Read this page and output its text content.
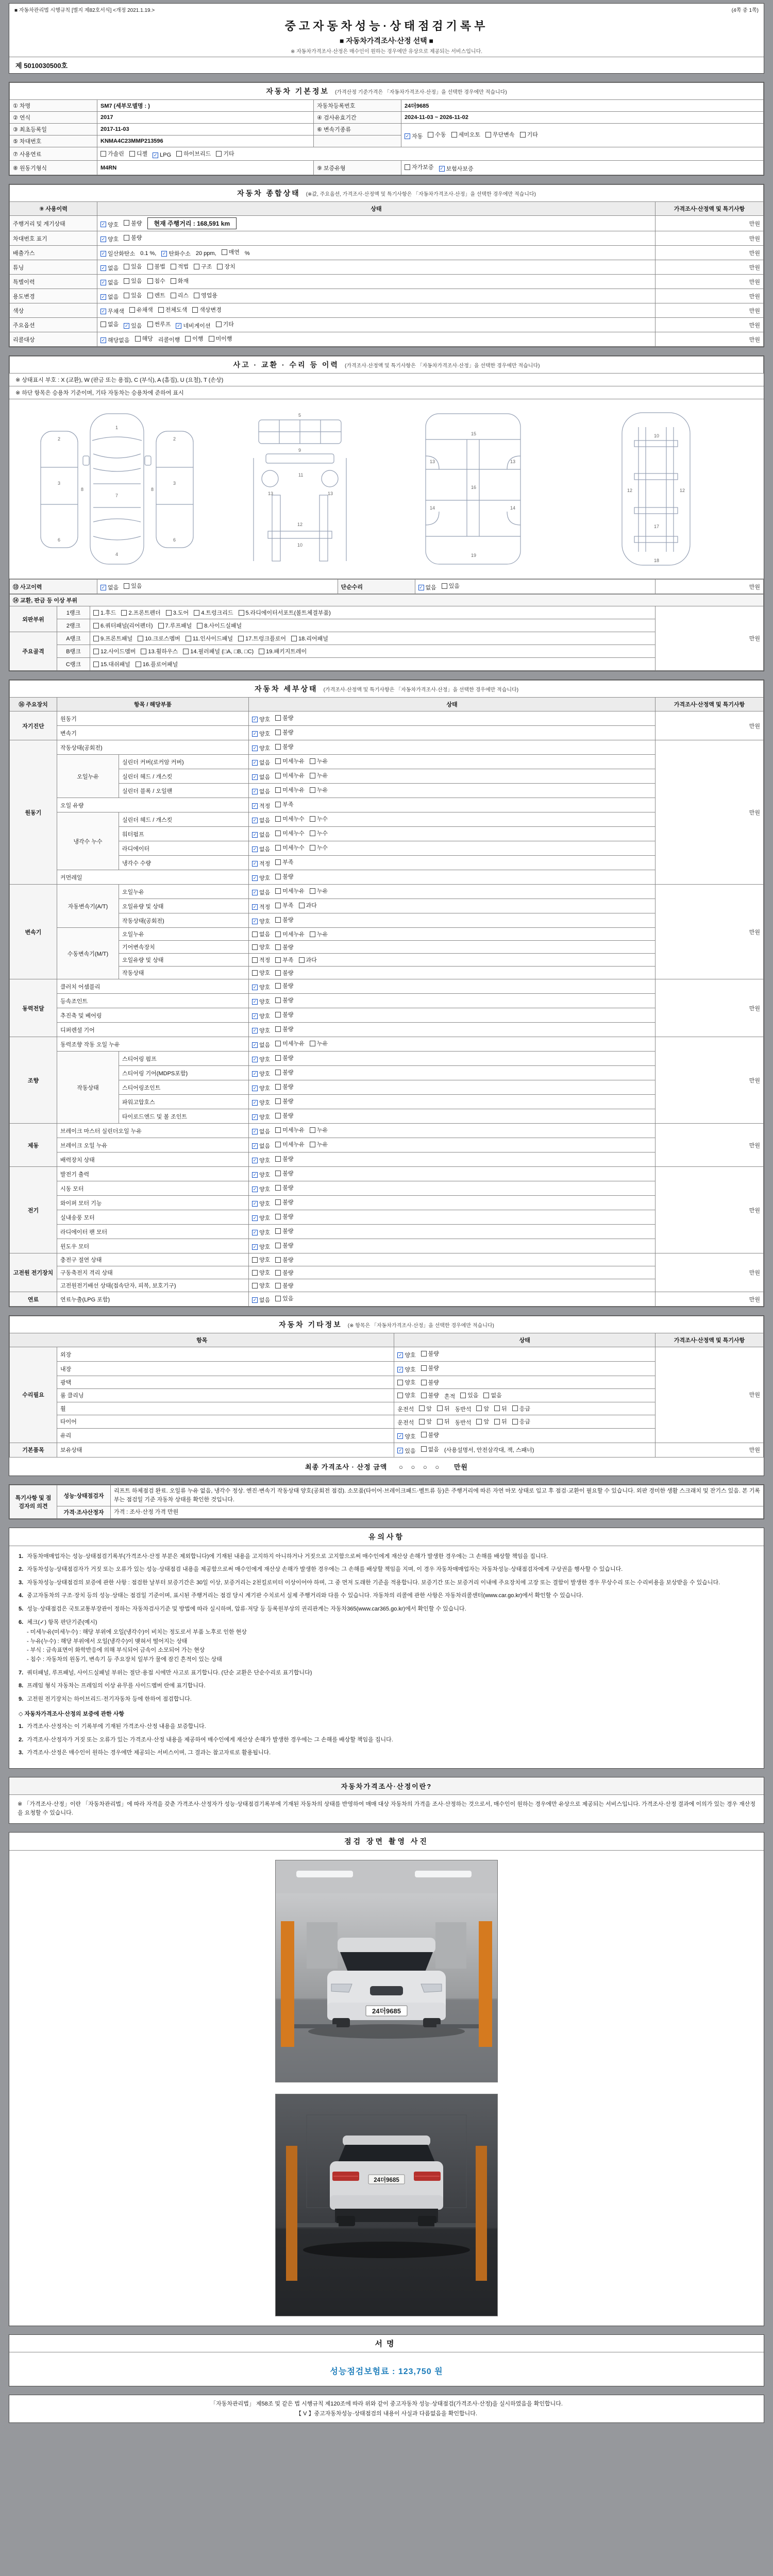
■ 자동차관리법 시행규칙 [별지 제82호서식] <개정 2021.1.19.>	(4쪽 중 1쪽)
중고자동차성능·상태점검기록부
■ 자동차가격조사·산정 선택 ■
※ 자동차가격조사·산정은 매수인이 원하는 경우에만 유상으로 제공되는 서비스입니다.
제 5010030500호
자동차 기본정보 (가격산정 기준가격은 「자동차가격조사·산정」을 선택한 경우에만 적습니다)			
① 차명	SM7 (세부모델명 : )	자동차등록번호	24더9685
② 연식	2017	④ 검사유효기간	2024-11-03 ~ 2026-11-02
③ 최초등록일	2017-11-03	⑥ 변속기종류	
✓ 자동 수동 세미오토 무단변속 기타

⑤ 차대번호	KNMA4C23MMP213596		
⑦ 사용연료	가솔린 디젤 ✓ LPG 하이브리드 기타

⑧ 원동기형식	M4RN	⑨ 보증유형	자가보증 ✓ 보험사보증
자동차 종합상태 (※값, 주요옵션, 가격조사·산정액 및 특기사항은 「자동차가격조사·산정」을 선택한 경우에만 적습니다)		
⑨ 사용이력	상태	가격조사·산정액 및 특기사항
주행거리 및 계기상태	✓ 양호 불량 현재 주행거리 : 168,591 km	만원
차대번호 표기	✓ 양호 불량	만원
배출가스	✓ 일산화탄소 0.1 %, ✓ 탄화수소 20 ppm, 매연 %	만원
튜닝	✓ 없음 있음 불법 적법 구조 장치	만원
특별이력	✓ 없음 있음 침수 화재	만원
용도변경	✓ 없음 있음 렌트 리스 영업용	만원
색상	✓ 무채색 유채색 전체도색 색상변경	만원
주요옵션	없음 ✓ 있음 썬루프 ✓ 네비게이션 기타	만원
리콜대상	✓ 해당없음 해당 리콜이행 이행 미이행	만원
사고 · 교환 · 수리 등 이력 (가격조사·산정액 및 특기사항은 「자동차가격조사·산정」을 선택한 경우에만 적습니다)
※ 상태표시 부호 : X (교환), W (판금 또는 용접), C (부식), A (흠집), U (요철), T (손상)
※ 하단 항목은 승용차 기준이며, 기타 자동차는 승용차에 준하여 표시
1
7
4
2
3
6
2
3
6
8	8
5
9
11
13	13
12
10
15
16
19
13	13
14	14
10
12	12
17
18
⑬ 사고이력	✓ 없음 있음	단순수리	✓ 없음 있음	만원
⑭ 교환, 판금 등 이상 부위			
외판부위	1랭크	1.후드 2.프론트펜더 3.도어 4.트렁크리드 5.라디에이터서포트(볼트체결부품)	만원
	2랭크	6.쿼터패널(리어펜더) 7.루프패널 8.사이드실패널	

주요골격	A랭크	9.프론트패널 10.크로스멤버 11.인사이드패널 17.트렁크플로어 18.리어패널	

	B랭크	12.사이드멤버 13.휠하우스 14.필러패널 (□A, □B, □C) 19.패키지트레이	

	C랭크	15.대쉬패널 16.플로어패널	
자동차 세부상태 (가격조사·산정액 및 특기사항은 「자동차가격조사·산정」을 선택한 경우에만 적습니다)				
⑯ 주요장치	항목 / 해당부품		상태	가격조사·산정액 및 특기사항
자기진단	원동기		✓ 양호 불량	만원
	변속기		✓ 양호 불량	

원동기	작동상태(공회전)		✓ 양호 불량	만원
	오일누유	실린더 커버(로커암 커버)	✓ 없음 미세누유 누유	

		실린더 헤드 / 개스킷	✓ 없음 미세누유 누유	

		실린더 블록 / 오일팬	✓ 없음 미세누유 누유	

	오일 유량		✓ 적정 부족	

	냉각수 누수	실린더 헤드 / 개스킷	✓ 없음 미세누수 누수	

		워터펌프	✓ 없음 미세누수 누수	

		라디에이터	✓ 없음 미세누수 누수	

		냉각수 수량	✓ 적정 부족	

	커먼레일		✓ 양호 불량	

변속기	자동변속기(A/T)	오일누유	✓ 없음 미세누유 누유	만원
		오일유량 및 상태	✓ 적정 부족 과다	

		작동상태(공회전)	✓ 양호 불량	

	수동변속기(M/T)	오일누유	없음 미세누유 누유	

		기어변속장치	양호 불량	

		오일유량 및 상태	적정 부족 과다	

		작동상태	양호 불량	

동력전달	클러치 어셈블리		✓ 양호 불량	만원
	등속조인트		✓ 양호 불량	

	추진축 및 베어링		✓ 양호 불량	

	디퍼렌셜 기어		✓ 양호 불량	

조향	동력조향 작동 오일 누유		✓ 없음 미세누유 누유	만원
	작동상태	스티어링 펌프	✓ 양호 불량	

		스티어링 기어(MDPS포함)	✓ 양호 불량	

		스티어링조인트	✓ 양호 불량	

		파워고압호스	✓ 양호 불량	

		타이로드엔드 및 볼 조인트	✓ 양호 불량	

제동	브레이크 마스터 실린더오일 누유		✓ 없음 미세누유 누유	만원
	브레이크 오일 누유		✓ 없음 미세누유 누유	

	배력장치 상태		✓ 양호 불량	

전기	발전기 출력		✓ 양호 불량	만원
	시동 모터		✓ 양호 불량	

	와이퍼 모터 기능		✓ 양호 불량	

	실내송풍 모터		✓ 양호 불량	

	라디에이터 팬 모터		✓ 양호 불량	

	윈도우 모터		✓ 양호 불량	

고전원 전기장치	충전구 절연 상태		양호 불량	만원
	구동축전지 격리 상태		양호 불량	

	고전원전기배선 상태(접속단자, 피복, 보호기구)		양호 불량	

연료	연료누출(LPG 포함)		✓ 없음 있음	만원
자동차 기타정보 (※ 항목은 「자동차가격조사·산정」을 선택한 경우에만 적습니다)			
항목		상태	가격조사·산정액 및 특기사항
수리필요	외장	✓ 양호 불량	만원
	내장	✓ 양호 불량	

	광택	양호 불량	

	룸 클리닝	양호 불량 흔적 있음 없음	

휠	운전석 앞 뒤 동반석 앞 뒤 응급

타이어	운전석 앞 뒤 동반석 앞 뒤 응급

	유리	✓ 양호 불량	

기본품목	보유상태	✓ 있음 없음 (사용설명서, 안전삼각대, 잭, 스패너)	만원
최종 가격조사 · 산정 금액 ○ ○ ○ ○ 만원
특기사항 및 점검자의 의견	성능·상태점검자	리프트 하체점검 완료. 오일류 누유 없음, 냉각수 정상. 엔진·변속기 작동상태 양호(공회전 점검). 소모품(타이어·브레이크패드·벨트류 등)은 주행거리에 따른 자연 마모 상태로 입고 후 점검·교환이 필요할 수 있습니다. 외판 경미한 생활 스크래치 및 잔기스 있음. 본 기록부는 점검일 기준 자동차 상태를 확인한 것입니다.
	가격·조사산정자	가격 : 조사·산정 가격 만원
유의사항
1. 자동차매매업자는 성능·상태점검기록부(가격조사·산정 부분은 제외합니다)에 기재된 내용을 고지하지 아니하거나 거짓으로 고지함으로써 매수인에게 재산상 손해가 발생한 경우에는 그 손해를 배상할 책임을 집니다.
2. 자동차성능·상태점검자가 거짓 또는 오류가 있는 성능·상태점검 내용을 제공함으로써 매수인에게 재산상 손해가 발생한 경우에는 그 손해를 배상할 책임을 지며, 이 경우 자동차매매업자는 자동차성능·상태점검자에게 구상권을 행사할 수 있습니다.
3. 자동차성능·상태점검의 보증에 관한 사항 : 점검한 날부터 보증기간은 30일 이상, 보증거리는 2천킬로미터 이상이어야 하며, 그 중 먼저 도래한 기준을 적용합니다. 보증기간 또는 보증거리 이내에 주요장치에 고장 또는 결함이 발생한 경우 무상수리 또는 수리비용을 보상받을 수 있습니다.
4. 중고자동차의 구조·장치 등의 성능·상태는 점검일 기준이며, 표시된 주행거리는 점검 당시 계기판 수치로서 실제 주행거리와 다를 수 있습니다. 자동차의 리콜에 관한 사항은 자동차리콜센터(www.car.go.kr)에서 확인할 수 있습니다.
5. 성능·상태점검은 국토교통부장관이 정하는 자동차검사기준 및 방법에 따라 실시하며, 압류·저당 등 등록원부상의 권리관계는 자동차365(www.car365.go.kr)에서 확인할 수 있습니다.
6. 체크(✓) 항목 판단기준(예시)
- 미세누유(미세누수) : 해당 부위에 오일(냉각수)이 비치는 정도로서 부품 노후로 인한 현상
- 누유(누수) : 해당 부위에서 오일(냉각수)이 맺혀서 떨어지는 상태
- 부식 : 금속표면이 화학반응에 의해 부식되어 금속이 소모되어 가는 현상
- 침수 : 자동차의 원동기, 변속기 등 주요장치 일부가 물에 잠긴 흔적이 있는 상태
7. 쿼터패널, 루프패널, 사이드실패널 부위는 절단·용접 시에만 사고로 표기합니다. (단순 교환은 단순수리로 표기합니다)
8. 프레임 형식 자동차는 프레임의 이상 유무를 사이드멤버 란에 표기합니다.
9. 고전원 전기장치는 하이브리드·전기자동차 등에 한하여 점검합니다.
◇ 자동차가격조사·산정의 보증에 관한 사항
1. 가격조사·산정자는 이 기록부에 기재된 가격조사·산정 내용을 보증합니다.
2. 가격조사·산정자가 거짓 또는 오류가 있는 가격조사·산정 내용을 제공하여 매수인에게 재산상 손해가 발생한 경우에는 그 손해를 배상할 책임을 집니다.
3. 가격조사·산정은 매수인이 원하는 경우에만 제공되는 서비스이며, 그 결과는 참고자료로 활용됩니다.
자동차가격조사·산정이란?
※ 「가격조사·산정」이란 「자동차관리법」에 따라 자격을 갖춘 가격조사·산정자가 성능·상태점검기록부에 기재된 자동차의 상태를 반영하여 매매 대상 자동차의 가격을 조사·산정하는 것으로서, 매수인이 원하는 경우에만 유상으로 제공되는 서비스입니다. 가격조사·산정 결과에 이의가 있는 경우 재산정을 요청할 수 있습니다.
점검 장면 촬영 사진
24더9685
24더9685
서명
성능점검보험료 : 123,750 원
「자동차관리법」 제58조 및 같은 법 시행규칙 제120조에 따라 위와 같이 중고자동차 성능·상태점검(가격조사·산정)을 실시하였음을 확인합니다.
【 V 】중고자동차성능·상태점검의 내용이 사실과 다름없음을 확인합니다.
